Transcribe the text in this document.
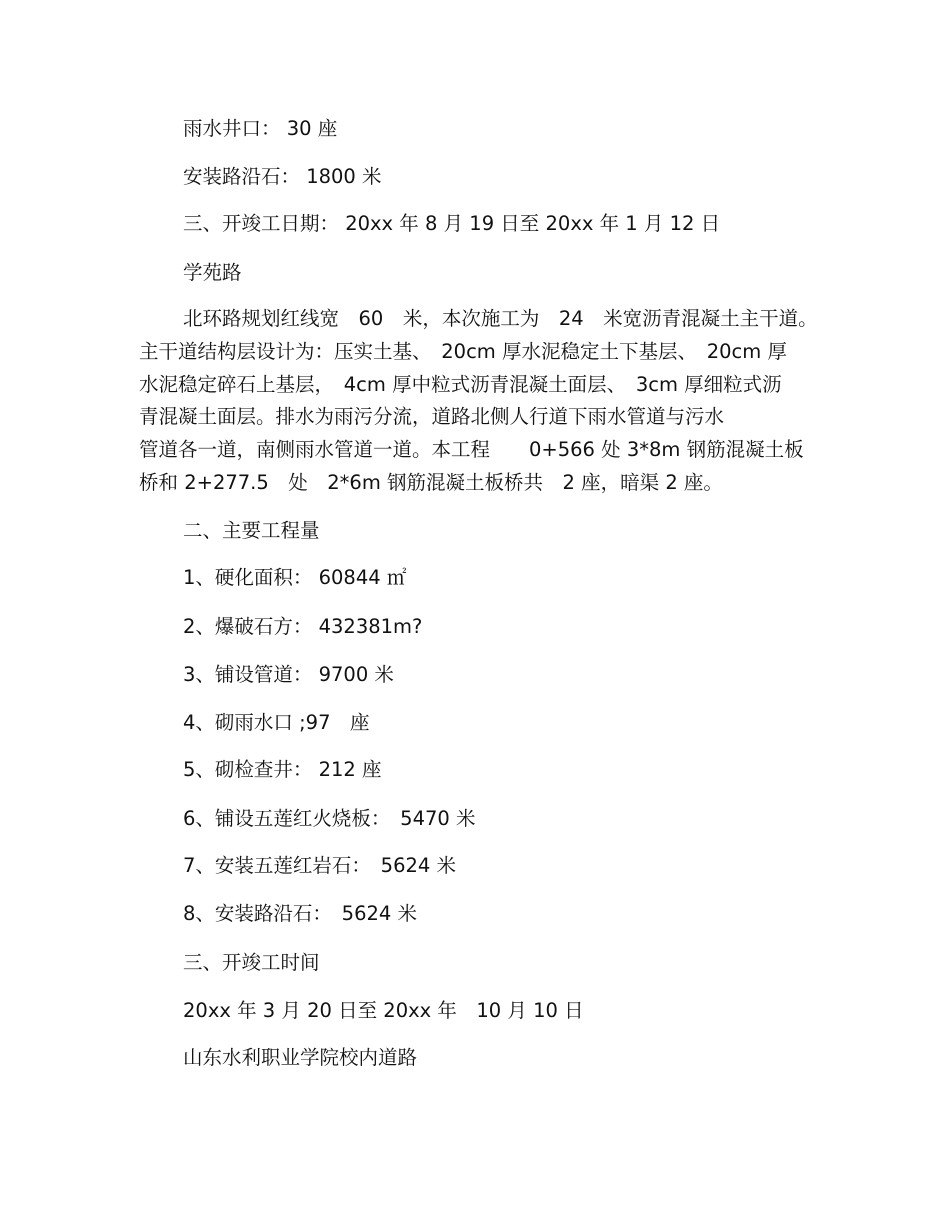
雨水井口： 30 座

安装路沿石： 1800 米

三、开竣工日期： 20xx 年 8 月 19 日至 20xx 年 1 月 12 日

学苑路

北环路规划红线宽　60　米，本次施工为　24　米宽沥青混凝土主干道。
主干道结构层设计为：压实土基、　20cm 厚水泥稳定土下基层、　20cm 厚
水泥稳定碎石上基层，　4cm 厚中粒式沥青混凝土面层、　3cm 厚细粒式沥
青混凝土面层。排水为雨污分流，道路北侧人行道下雨水管道与污水
管道各一道，南侧雨水管道一道。本工程　　0+566 处 3*8m 钢筋混凝土板
桥和 2+277.5　处　2*6m 钢筋混凝土板桥共　2 座，暗渠 2 座。

二、主要工程量

1、硬化面积： 60844 ㎡

2、爆破石方： 432381m?

3、铺设管道： 9700 米

4、砌雨水口 ;97　座

5、砌检查井： 212 座

6、铺设五莲红火烧板：　5470 米

7、安装五莲红岩石：　5624 米

8、安装路沿石：　5624 米

三、开竣工时间

20xx 年 3 月 20 日至 20xx 年　10 月 10 日

山东水利职业学院校内道路
